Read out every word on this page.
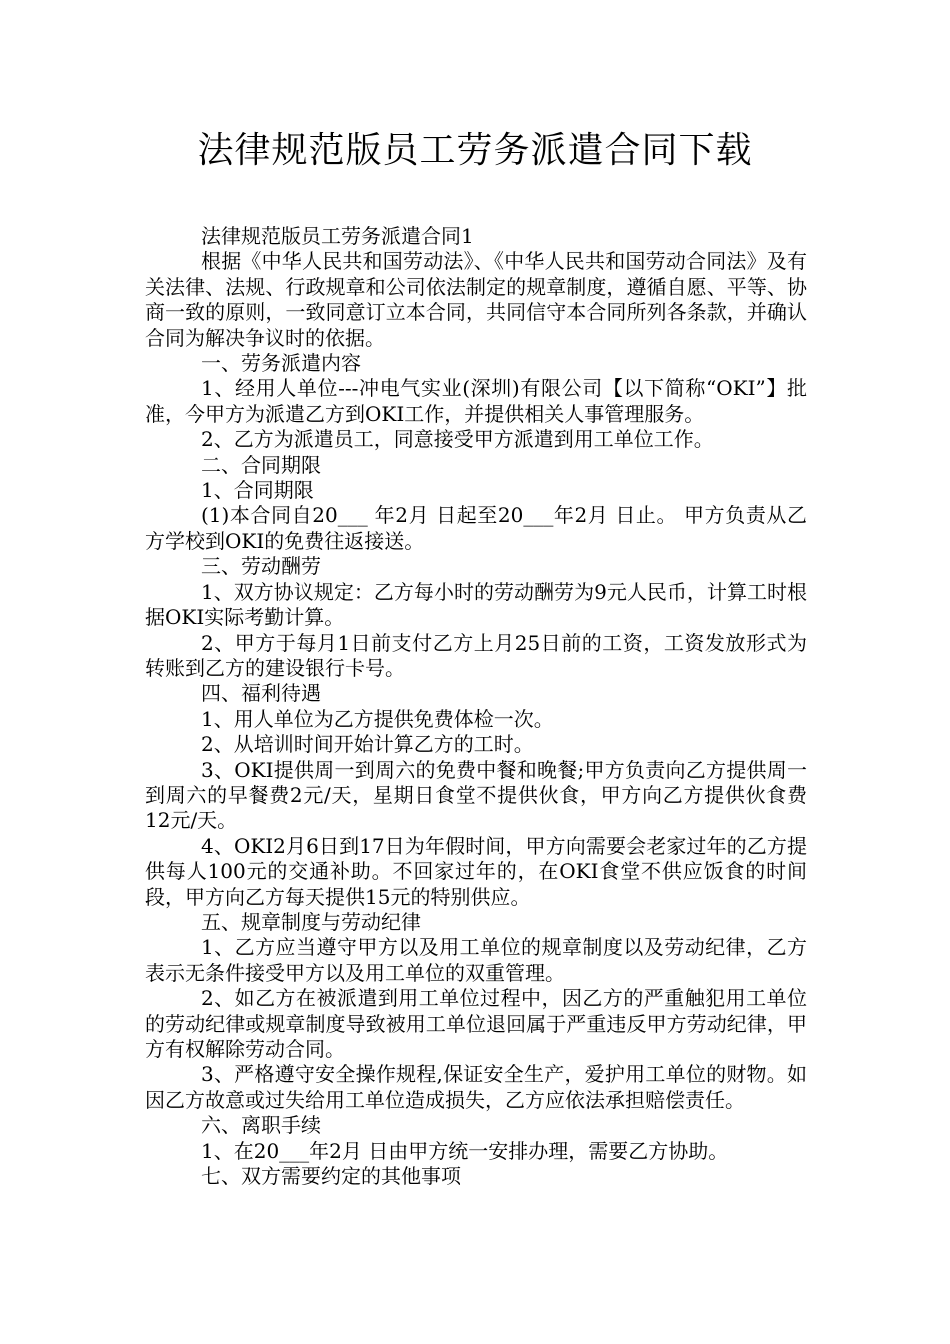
法律规范版员工劳务派遣合同下载

法律规范版员工劳务派遣合同1

根据《中华人民共和国劳动法》、《中华人民共和国劳动合同法》及有关法律、法规、行政规章和公司依法制定的规章制度，遵循自愿、平等、协商一致的原则，一致同意订立本合同，共同信守本合同所列各条款，并确认合同为解决争议时的依据。

一、劳务派遣内容

1、经用人单位---冲电气实业(深圳)有限公司【以下简称“OKI”】批准，今甲方为派遣乙方到OKI工作，并提供相关人事管理服务。

2、乙方为派遣员工，同意接受甲方派遣到用工单位工作。

二、合同期限

1、合同期限

(1)本合同自20___ 年2月 日起至20___年2月 日止。 甲方负责从乙方学校到OKI的免费往返接送。

三、劳动酬劳

1、双方协议规定：乙方每小时的劳动酬劳为9元人民币，计算工时根据OKI实际考勤计算。

2、甲方于每月1日前支付乙方上月25日前的工资，工资发放形式为转账到乙方的建设银行卡号。

四、福利待遇

1、用人单位为乙方提供免费体检一次。

2、从培训时间开始计算乙方的工时。

3、OKI提供周一到周六的免费中餐和晚餐;甲方负责向乙方提供周一到周六的早餐费2元/天，星期日食堂不提供伙食，甲方向乙方提供伙食费12元/天。

4、OKI2月6日到17日为年假时间，甲方向需要会老家过年的乙方提供每人100元的交通补助。不回家过年的，在OKI食堂不供应饭食的时间段，甲方向乙方每天提供15元的特别供应。

五、规章制度与劳动纪律

1、乙方应当遵守甲方以及用工单位的规章制度以及劳动纪律，乙方表示无条件接受甲方以及用工单位的双重管理。

2、如乙方在被派遣到用工单位过程中，因乙方的严重触犯用工单位的劳动纪律或规章制度导致被用工单位退回属于严重违反甲方劳动纪律，甲方有权解除劳动合同。

3、严格遵守安全操作规程,保证安全生产，爱护用工单位的财物。如因乙方故意或过失给用工单位造成损失，乙方应依法承担赔偿责任。

六、离职手续

1、在20___年2月 日由甲方统一安排办理，需要乙方协助。

七、双方需要约定的其他事项
